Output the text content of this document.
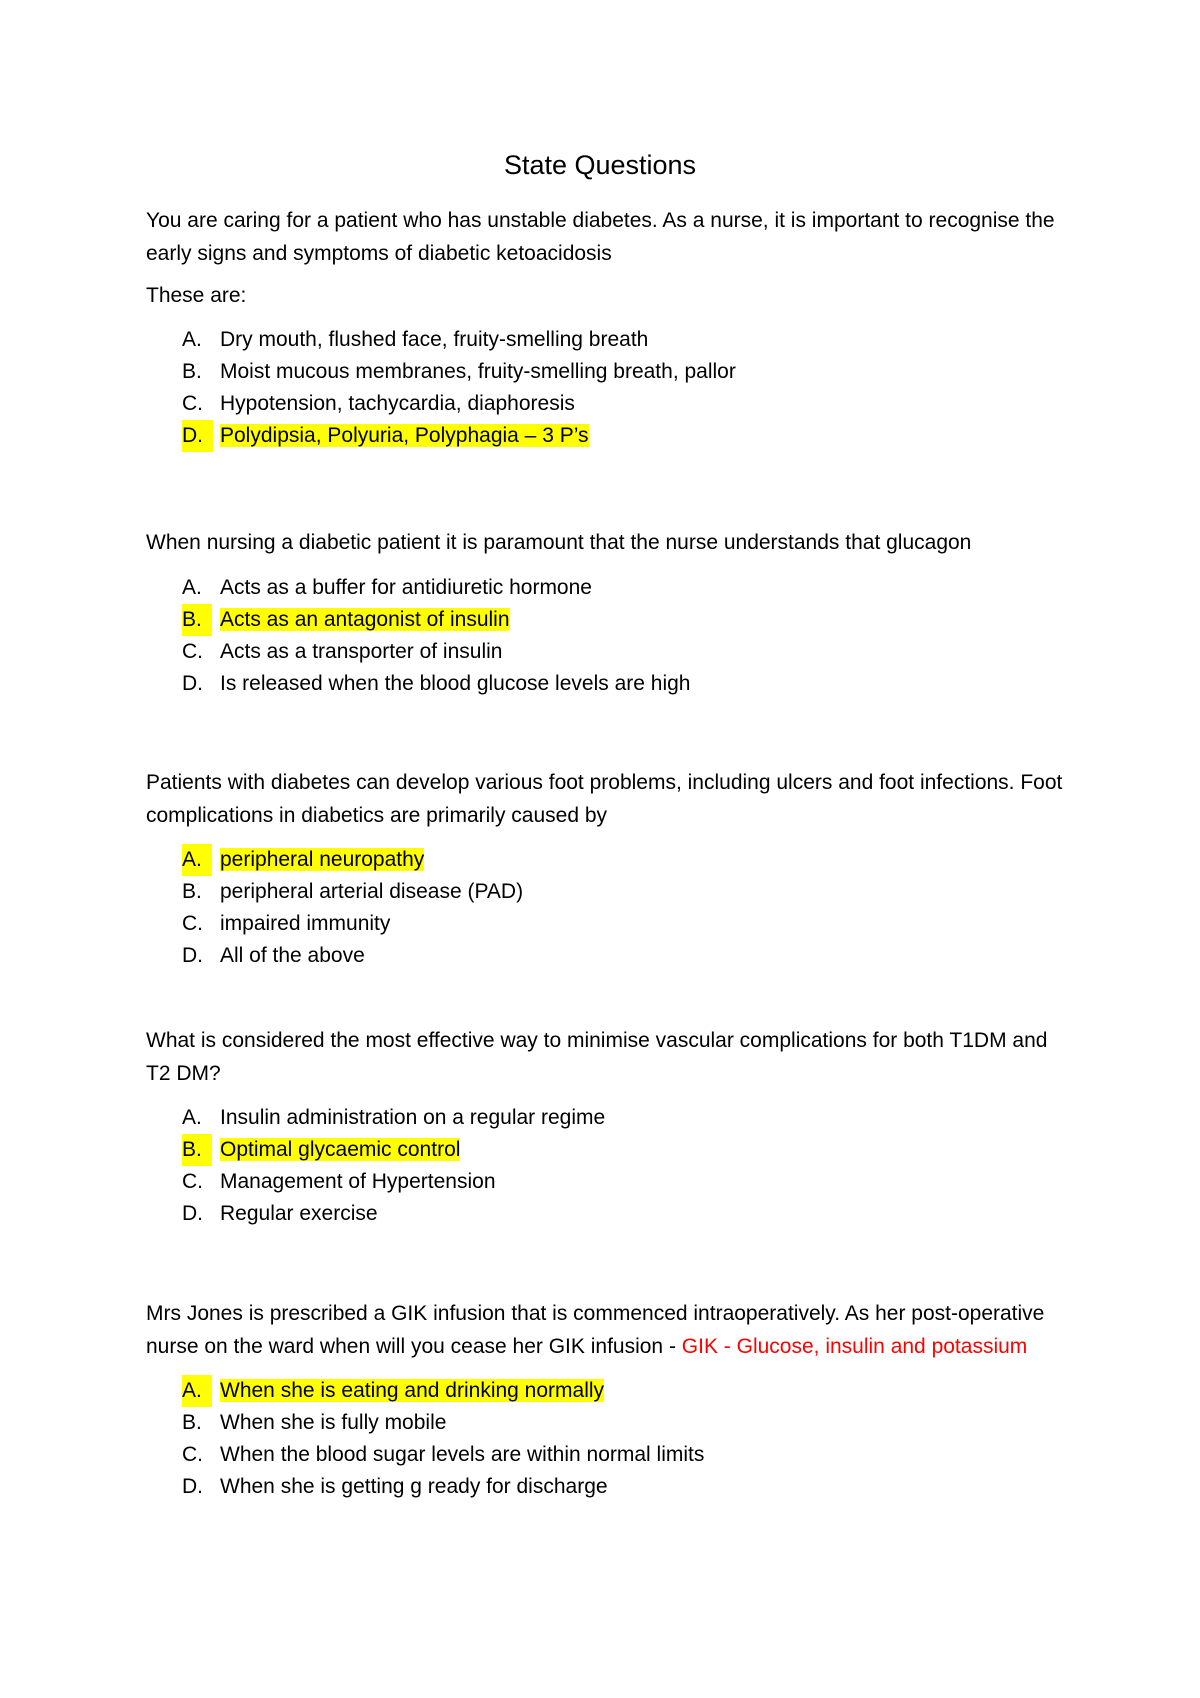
State Questions

You are caring for a patient who has unstable diabetes. As a nurse, it is important to recognise the early signs and symptoms of diabetic ketoacidosis

These are:

A. Dry mouth, flushed face, fruity-smelling breath
B. Moist mucous membranes, fruity-smelling breath, pallor
C. Hypotension, tachycardia, diaphoresis
D. Polydipsia, Polyuria, Polyphagia – 3 P’s

When nursing a diabetic patient it is paramount that the nurse understands that glucagon

A. Acts as a buffer for antidiuretic hormone
B. Acts as an antagonist of insulin
C. Acts as a transporter of insulin
D. Is released when the blood glucose levels are high

Patients with diabetes can develop various foot problems, including ulcers and foot infections. Foot complications in diabetics are primarily caused by

A. peripheral neuropathy
B. peripheral arterial disease (PAD)
C. impaired immunity
D. All of the above

What is considered the most effective way to minimise vascular complications for both T1DM and T2 DM?

A. Insulin administration on a regular regime
B. Optimal glycaemic control
C. Management of Hypertension
D. Regular exercise

Mrs Jones is prescribed a GIK infusion that is commenced intraoperatively. As her post-operative nurse on the ward when will you cease her GIK infusion - GIK - Glucose, insulin and potassium

A. When she is eating and drinking normally
B. When she is fully mobile
C. When the blood sugar levels are within normal limits
D. When she is getting g ready for discharge
